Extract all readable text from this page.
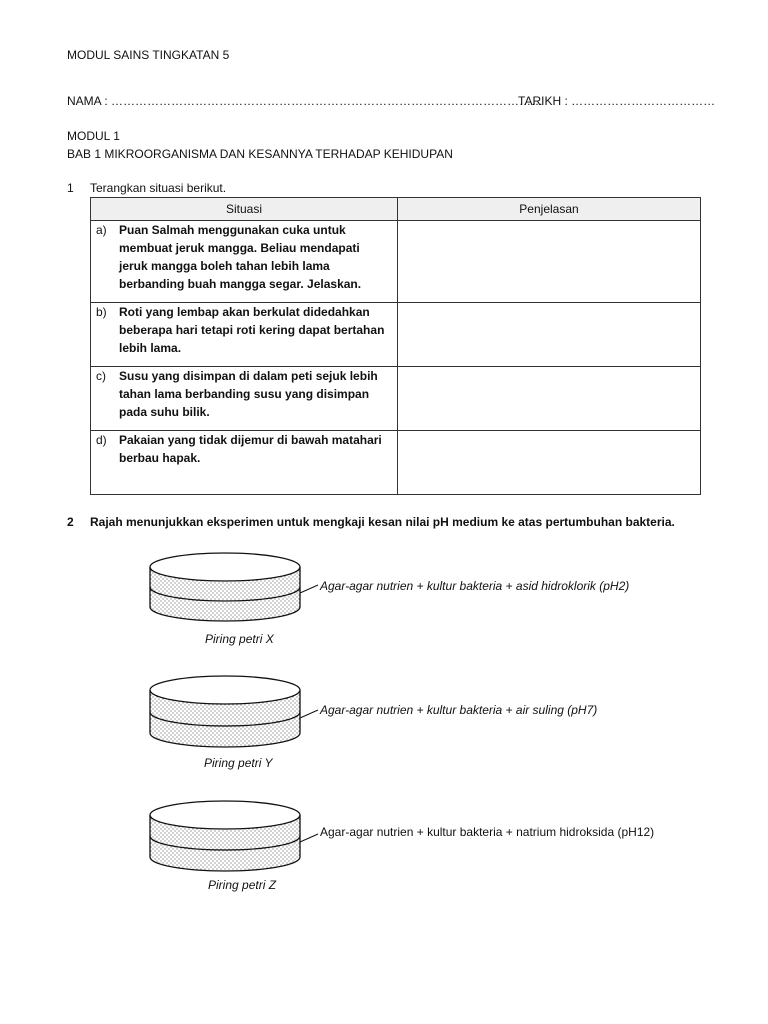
MODUL SAINS TINGKATAN 5
NAMA : ………………………………………………………………………………………………
TARIKH : ………………………………
MODUL 1
BAB 1 MIKROORGANISMA DAN KESANNYA TERHADAP KEHIDUPAN
1 Terangkan situasi berikut.
Situasi	Penjelasan

a) Puan Salmah menggunakan cuka untuk membuat jeruk mangga. Beliau mendapati jeruk mangga boleh tahan lebih lama berbanding buah mangga segar. Jelaskan.	

b) Roti yang lembap akan berkulat didedahkan beberapa hari tetapi roti kering dapat bertahan lebih lama.	

c) Susu yang disimpan di dalam peti sejuk lebih tahan lama berbanding susu yang disimpan pada suhu bilik.	

d) Pakaian yang tidak dijemur di bawah matahari berbau hapak.	

2 Rajah menunjukkan eksperimen untuk mengkaji kesan nilai pH medium ke atas pertumbuhan bakteria.
Agar-agar nutrien + kultur bakteria + asid hidroklorik (pH2)
Piring petri X
Agar-agar nutrien + kultur bakteria + air suling (pH7)
Piring petri Y
Agar-agar nutrien + kultur bakteria + natrium hidroksida (pH12)
Piring petri Z
